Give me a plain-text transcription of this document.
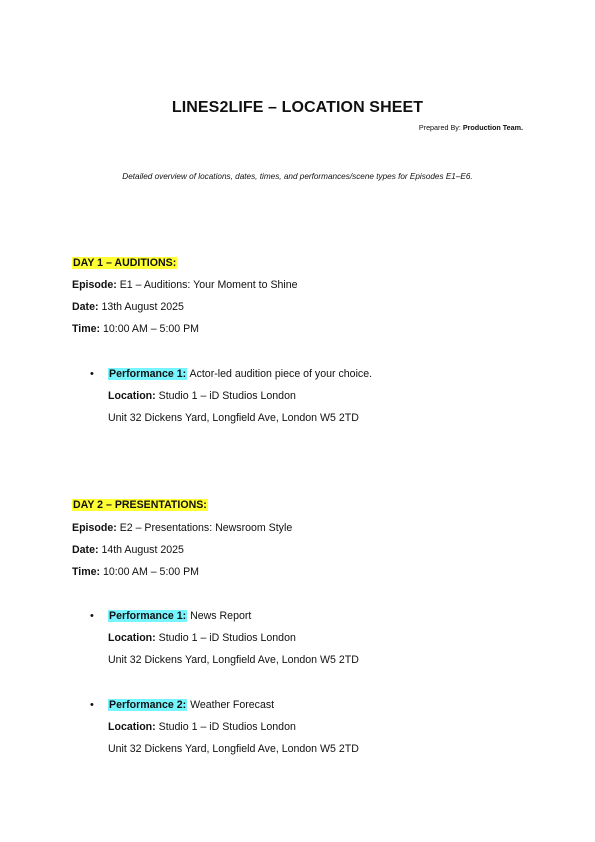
LINES2LIFE – LOCATION SHEET
Prepared By: Production Team.
Detailed overview of locations, dates, times, and performances/scene types for Episodes E1–E6.
DAY 1 – AUDITIONS:
Episode: E1 – Auditions: Your Moment to Shine
Date: 13th August 2025
Time: 10:00 AM – 5:00 PM
• Performance 1: Actor-led audition piece of your choice.
Location: Studio 1 – iD Studios London
Unit 32 Dickens Yard, Longfield Ave, London W5 2TD
DAY 2 – PRESENTATIONS:
Episode: E2 – Presentations: Newsroom Style
Date: 14th August 2025
Time: 10:00 AM – 5:00 PM
• Performance 1: News Report
Location: Studio 1 – iD Studios London
Unit 32 Dickens Yard, Longfield Ave, London W5 2TD
• Performance 2: Weather Forecast
Location: Studio 1 – iD Studios London
Unit 32 Dickens Yard, Longfield Ave, London W5 2TD
